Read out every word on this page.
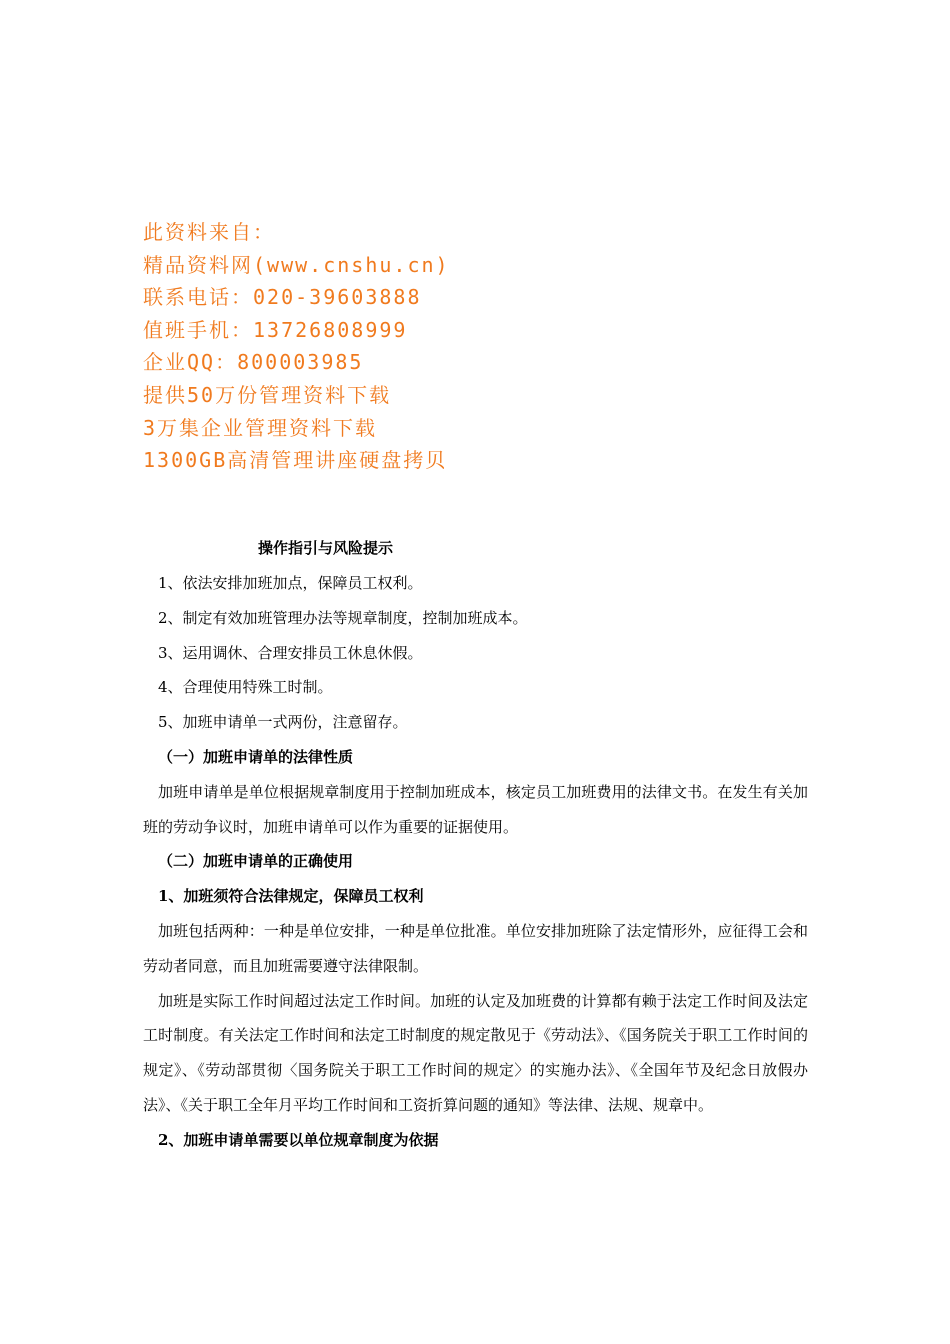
此资料来自：
精品资料网(www.cnshu.cn)
联系电话：020-39603888
值班手机：13726808999
企业QQ：800003985
提供50万份管理资料下载
3万集企业管理资料下载
1300GB高清管理讲座硬盘拷贝
操作指引与风险提示

1、依法安排加班加点，保障员工权利。

2、制定有效加班管理办法等规章制度，控制加班成本。

3、运用调休、合理安排员工休息休假。

4、合理使用特殊工时制。

5、加班申请单一式两份，注意留存。

（一）加班申请单的法律性质

加班申请单是单位根据规章制度用于控制加班成本，核定员工加班费用的法律文书。在发生有关加班的劳动争议时，加班申请单可以作为重要的证据使用。

（二）加班申请单的正确使用

1、加班须符合法律规定，保障员工权利

加班包括两种：一种是单位安排，一种是单位批准。单位安排加班除了法定情形外，应征得工会和劳动者同意，而且加班需要遵守法律限制。

加班是实际工作时间超过法定工作时间。加班的认定及加班费的计算都有赖于法定工作时间及法定工时制度。有关法定工作时间和法定工时制度的规定散见于《劳动法》、《国务院关于职工工作时间的规定》、《劳动部贯彻〈国务院关于职工工作时间的规定〉的实施办法》、《全国年节及纪念日放假办法》、《关于职工全年月平均工作时间和工资折算问题的通知》等法律、法规、规章中。

2、加班申请单需要以单位规章制度为依据
